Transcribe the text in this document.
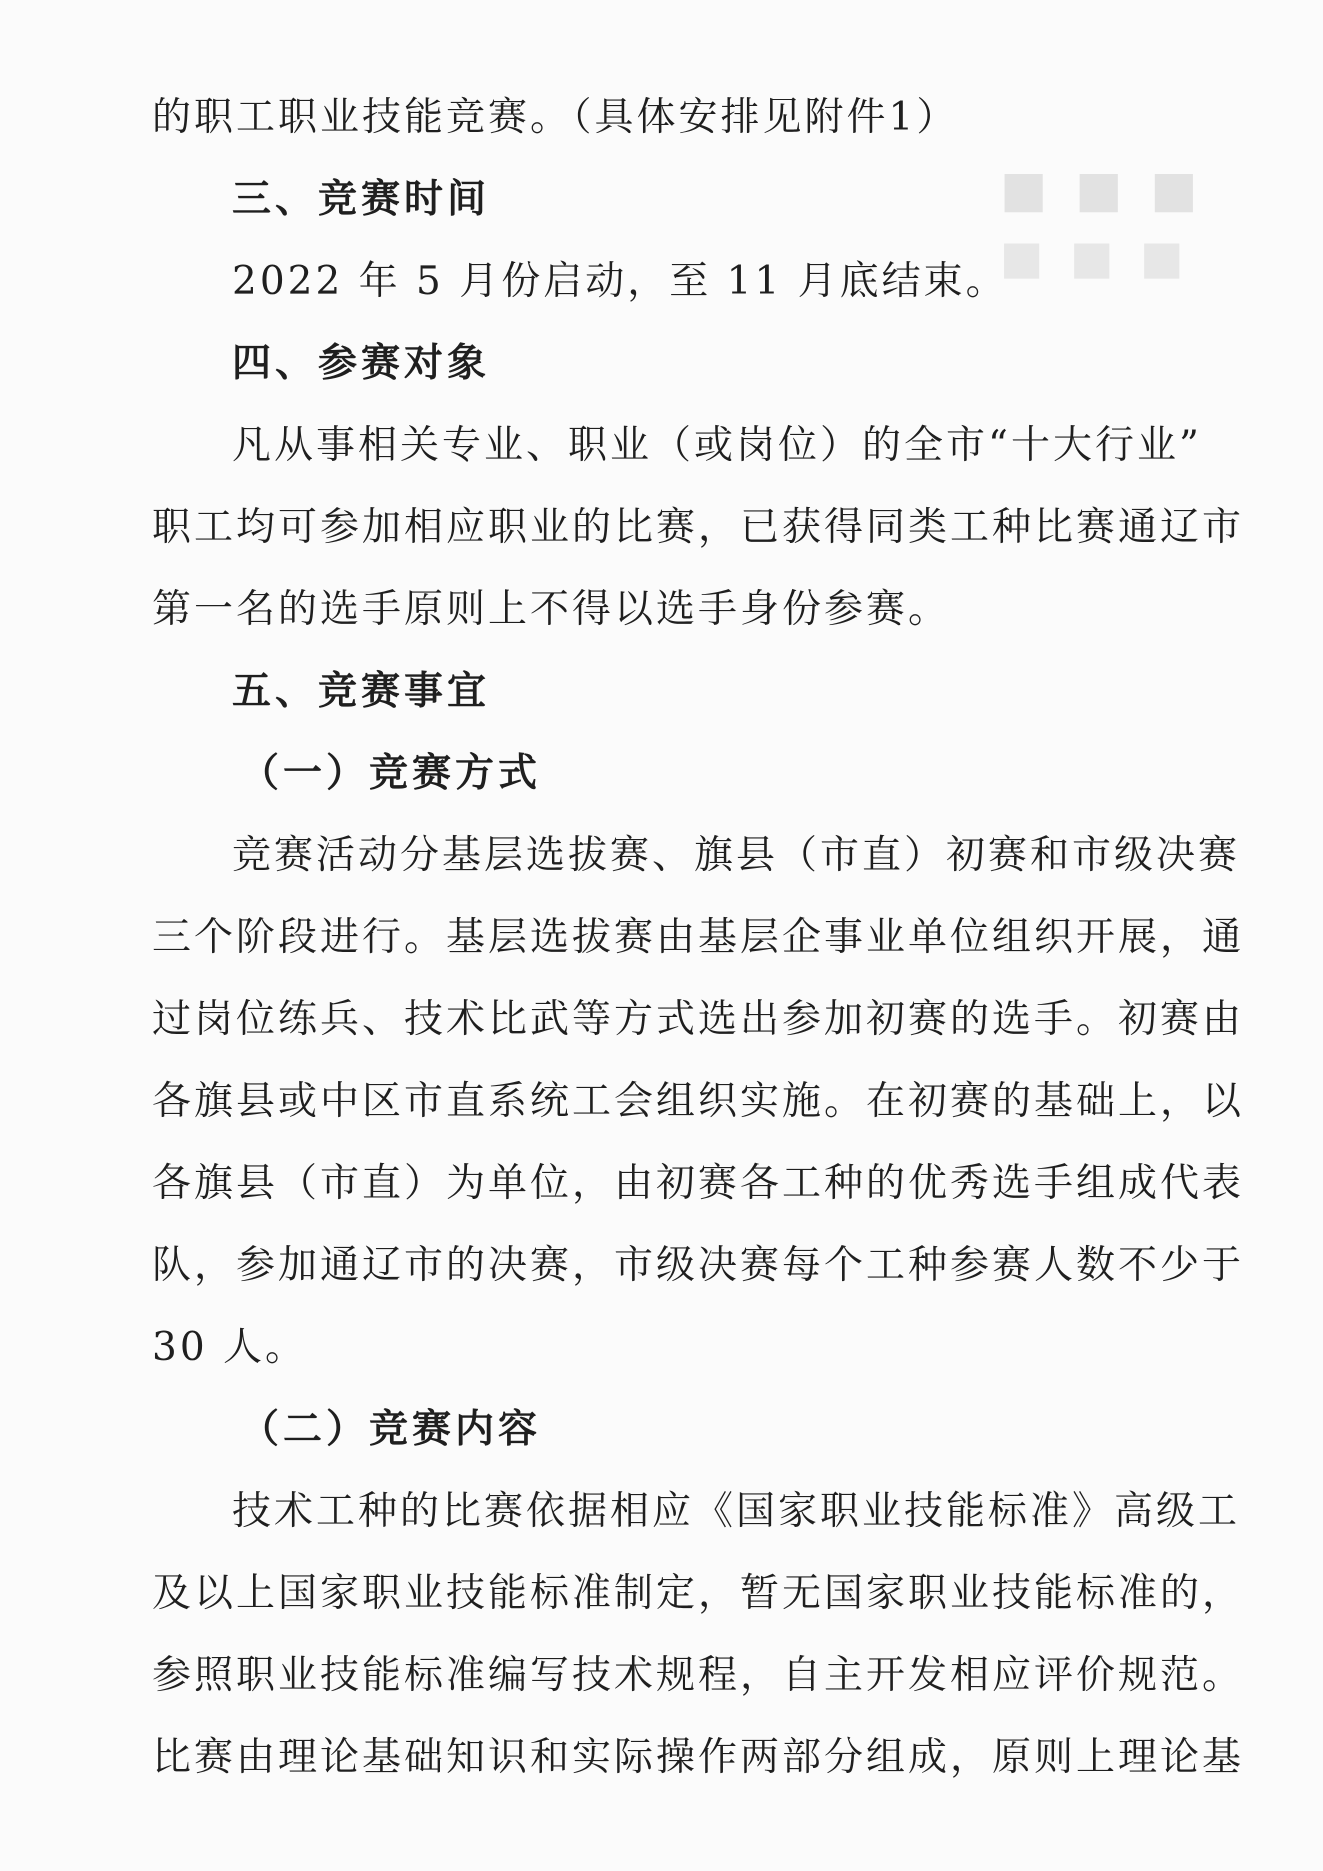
■ ■ ■
■ ■ ■
的职工职业技能竞赛。（具体安排见附件1）
三、竞赛时间
2022 年 5 月份启动，至 11 月底结束。
四、参赛对象
凡从事相关专业、职业（或岗位）的全市“十大行业”
职工均可参加相应职业的比赛，已获得同类工种比赛通辽市
第一名的选手原则上不得以选手身份参赛。
五、竞赛事宜
（一）竞赛方式
竞赛活动分基层选拔赛、旗县（市直）初赛和市级决赛
三个阶段进行。基层选拔赛由基层企事业单位组织开展，通
过岗位练兵、技术比武等方式选出参加初赛的选手。初赛由
各旗县或中区市直系统工会组织实施。在初赛的基础上，以
各旗县（市直）为单位，由初赛各工种的优秀选手组成代表
队，参加通辽市的决赛，市级决赛每个工种参赛人数不少于
30 人。
（二）竞赛内容
技术工种的比赛依据相应《国家职业技能标准》高级工
及以上国家职业技能标准制定，暂无国家职业技能标准的，
参照职业技能标准编写技术规程，自主开发相应评价规范。
比赛由理论基础知识和实际操作两部分组成，原则上理论基
